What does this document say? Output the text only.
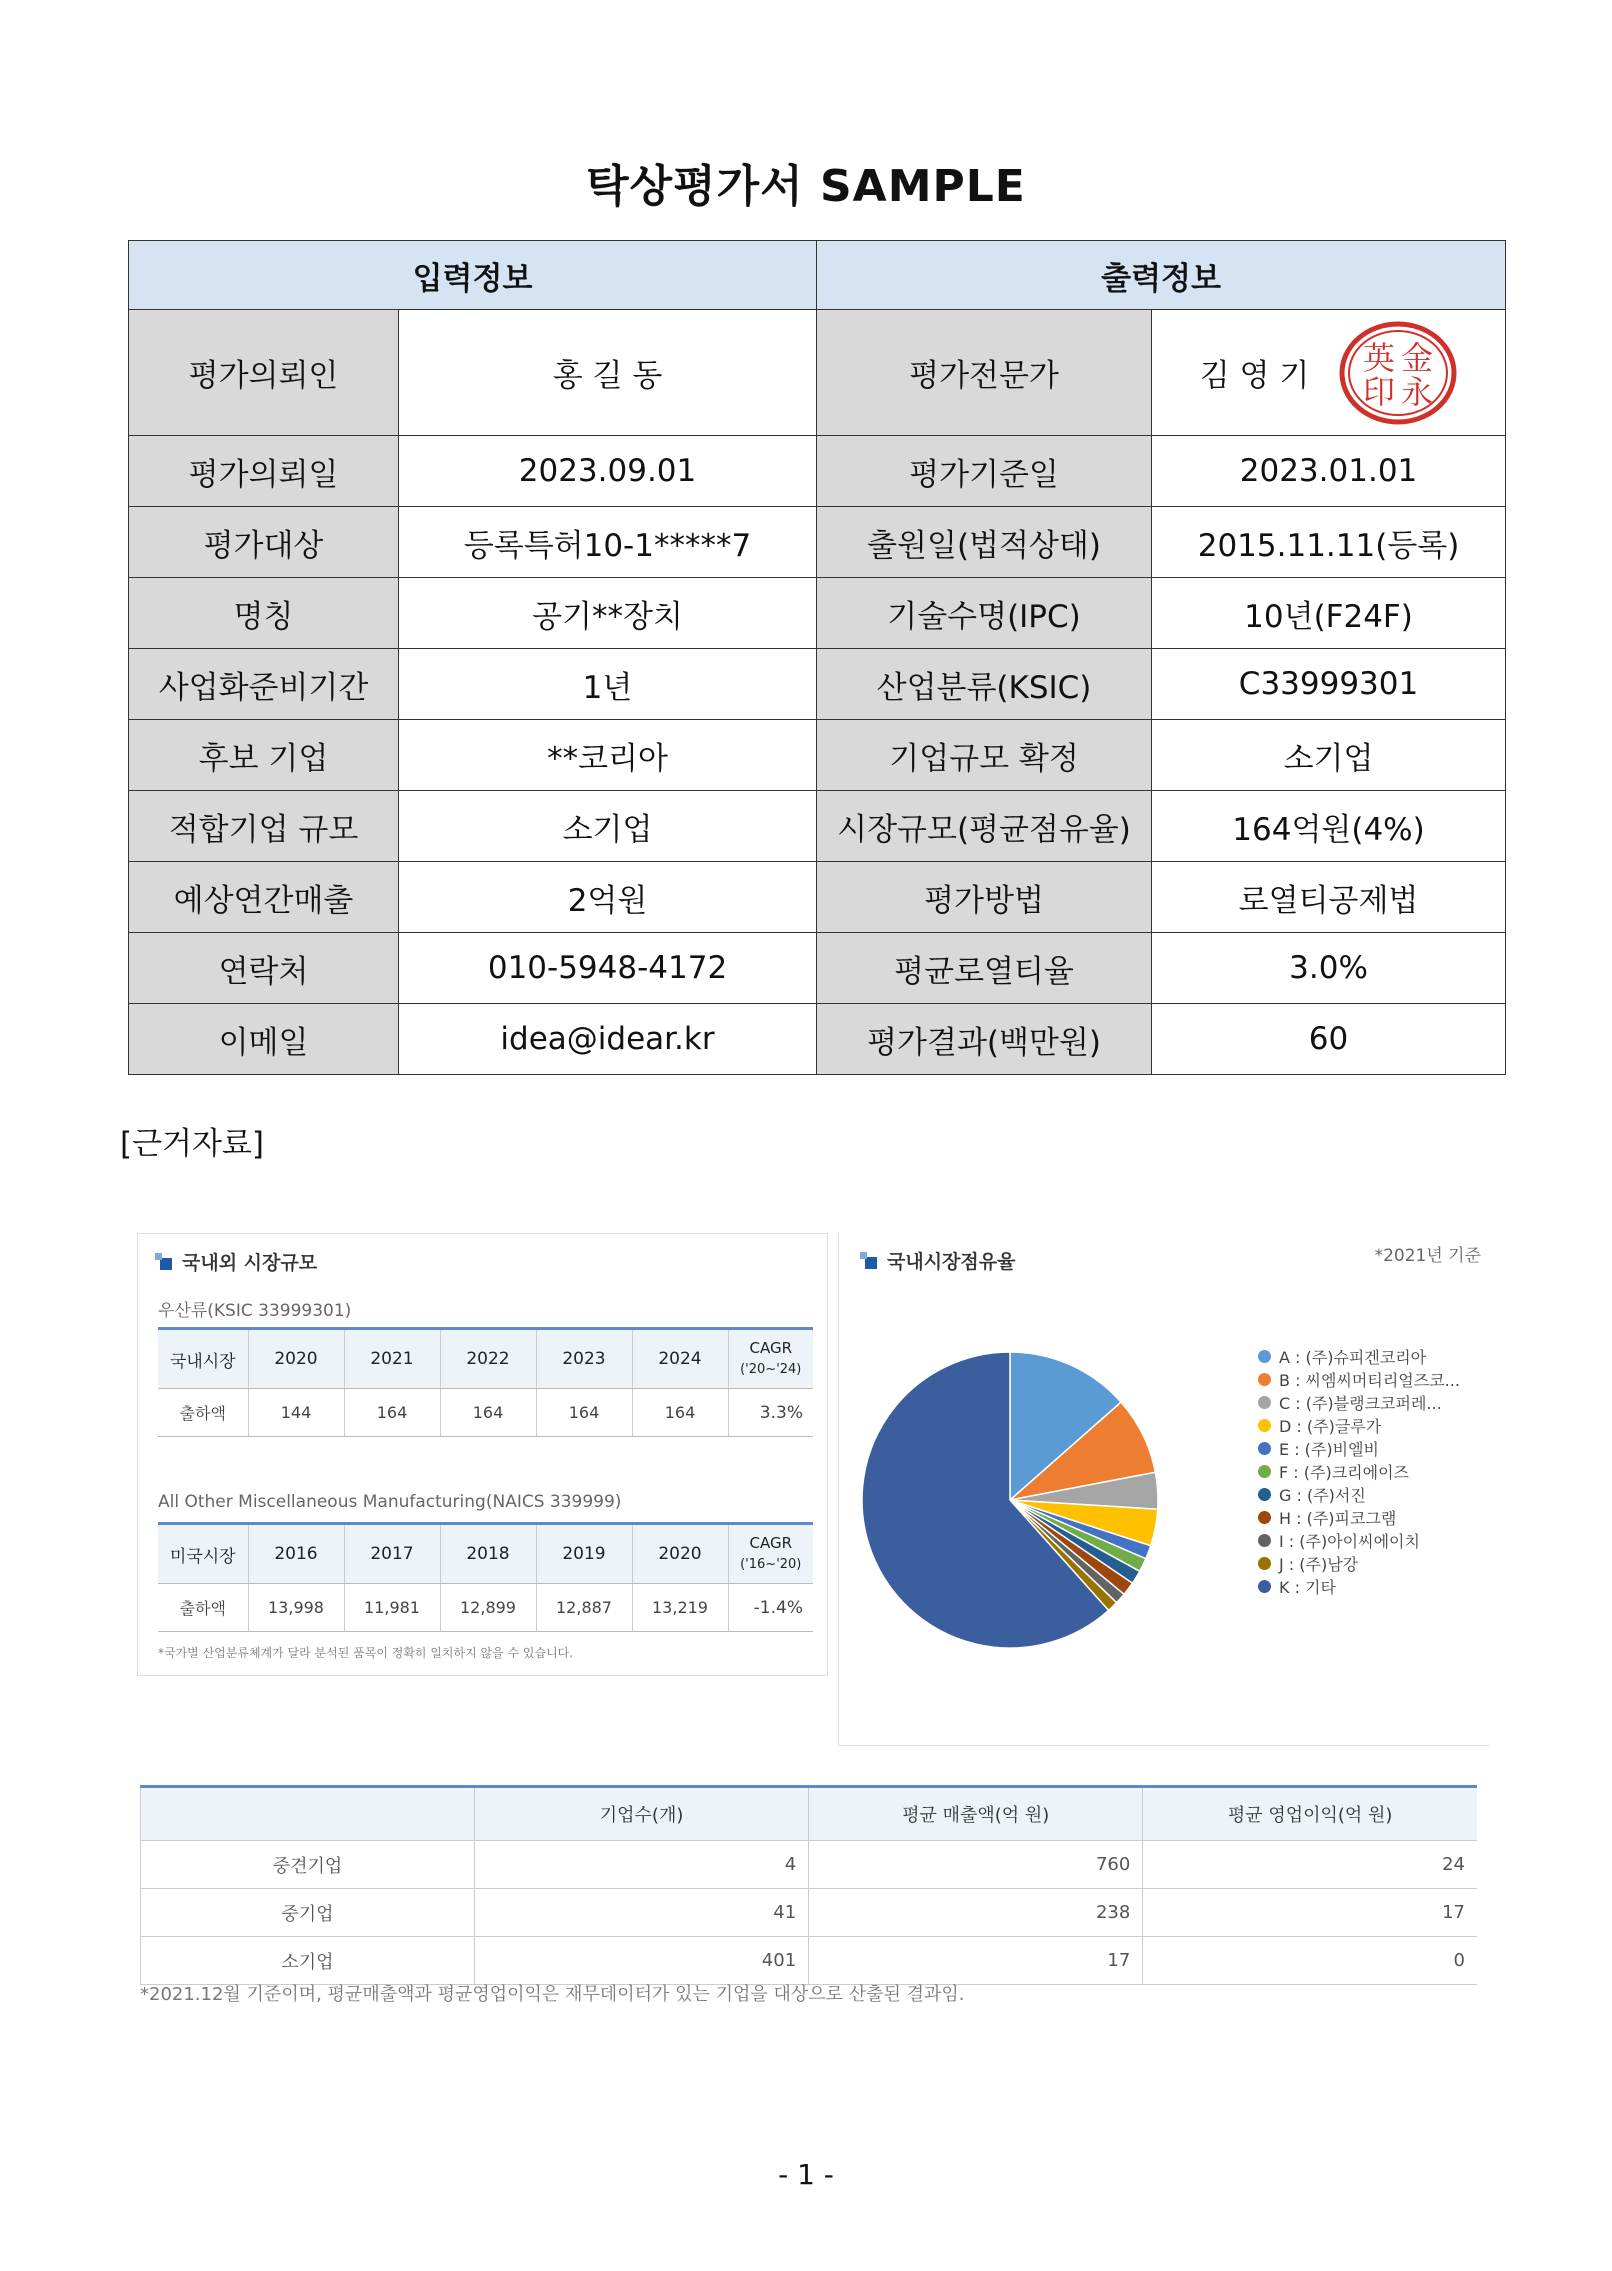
탁상평가서 SAMPLE
입력정보		출력정보	
평가의뢰인	홍 길 동	평가전문가	김 영 기 英 金
印 永

평가의뢰일	2023.09.01	평가기준일	2023.01.01
평가대상	등록특허10-1*****7	출원일(법적상태)	2015.11.11(등록)
명칭	공기**장치	기술수명(IPC)	10년(F24F)
사업화준비기간	1년	산업분류(KSIC)	C33999301
후보 기업	**코리아	기업규모 확정	소기업
적합기업 규모	소기업	시장규모(평균점유율)	164억원(4%)
예상연간매출	2억원	평가방법	로열티공제법
연락처	010-5948-4172	평균로열티율	3.0%
이메일	idea@idear.kr	평가결과(백만원)	60
[근거자료]
국내외 시장규모
우산류(KSIC 33999301)
국내시장	2020	2021	2022	2023	2024	CAGR
('20~'24)
출하액	144	164	164	164	164	3.3%
All Other Miscellaneous Manufacturing(NAICS 339999)
미국시장	2016	2017	2018	2019	2020	CAGR
('16~'20)
출하액	13,998	11,981	12,899	12,887	13,219	-1.4%
*국가별 산업분류체계가 달라 분석된 품목이 정확히 일치하지 않을 수 있습니다.
국내시장점유율	*2021년 기준
A : (주)슈피겐코리아
B : 씨엠씨머티리얼즈코...
C : (주)블랭크코퍼레...
D : (주)글루가
E : (주)비엘비
F : (주)크리에이즈
G : (주)서진
H : (주)피코그램
I : (주)아이씨에이치
J : (주)남강
K : 기타
	기업수(개)	평균 매출액(억 원)	평균 영업이익(억 원)
중견기업	4	760	24
중기업	41	238	17
소기업	401	17	0
*2021.12월 기준이며, 평균매출액과 평균영업이익은 재무데이터가 있는 기업을 대상으로 산출된 결과임.
- 1 -
